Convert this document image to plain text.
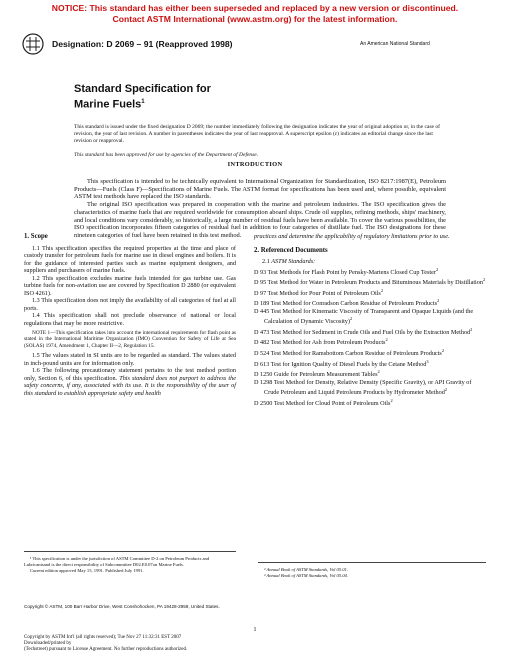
NOTICE: This standard has either been superseded and replaced by a new version or discontinued.
Contact ASTM International (www.astm.org) for the latest information.
Designation: D 2069 – 91 (Reapproved 1998)	An American National Standard
Standard Specification for
Marine Fuels$^1$
This standard is issued under the fixed designation D 2069; the number immediately following the designation indicates the year of original adoption or, in the case of revision, the year of last revision. A number in parentheses indicates the year of last reapproval. A superscript epsilon (ε) indicates an editorial change since the last revision or reapproval.
This standard has been approved for use by agencies of the Department of Defense.
INTRODUCTION

This specification is intended to be technically equivalent to International Organization for Standardization, ISO 8217:1987(E), Petroleum Products—Fuels (Class F)—Specifications of Marine Fuels. The ASTM format for specifications has been used and, where possible, equivalent ASTM test methods have replaced the ISO standards.

The original ISO specification was prepared in cooperation with the marine and petroleum industries. The ISO specification gives the characteristics of marine fuels that are required worldwide for consumption aboard ships. Crude oil supplies, refining methods, ships' machinery, and local conditions vary considerably, so historically, a large number of residual fuels have been available. To cover the various possibilities, the ISO specification incorporates fifteen categories of residual fuel in addition to four categories of distillate fuel. The ISO designations for these nineteen categories of fuel have been retained in this test method.

1. Scope

1.1 This specification specifies the required properties at the time and place of custody transfer for petroleum fuels for marine use in diesel engines and boilers. It is for the guidance of interested parties such as marine equipment designers, and suppliers and purchasers of marine fuels.

1.2 This specification excludes marine fuels intended for gas turbine use. Gas turbine fuels for non-aviation use are covered by Specification D 2880 (or equivalent ISO 4261).

1.3 This specification does not imply the availability of all categories of fuel at all ports.

1.4 This specification shall not preclude observance of national or local regulations that may be more restrictive.

NOTE 1—This specification takes into account the international requirements for flash point as stated in the International Maritime Organization (IMO) Convention for Safety of Life at Sea (SOLAS) 1974, Amendment 1, Chapter II—2, Regulation 15.

1.5 The values stated in SI units are to be regarded as standard. The values stated in inch-pound units are for information only.

1.6 The following precautionary statement pertains to the test method portion only, Section 6, of this specification. This standard does not purport to address the safety concerns, if any, associated with its use. It is the responsibility of the user of this standard to establish appropriate safety and health

practices and determine the applicability of regulatory limitations prior to use.

2. Referenced Documents

2.1 ASTM Standards:

D 93 Test Methods for Flash Point by Pensky-Martens Closed Cup Tester$^2$
D 95 Test Method for Water in Petroleum Products and Bituminous Materials by Distillation$^2$
D 97 Test Method for Pour Point of Petroleum Oils$^2$
D 189 Test Method for Conradson Carbon Residue of Petroleum Products$^2$
D 445 Test Method for Kinematic Viscosity of Transparent and Opaque Liquids (and the Calculation of Dynamic Viscosity)$^2$
D 473 Test Method for Sediment in Crude Oils and Fuel Oils by the Extraction Method$^2$
D 482 Test Method for Ash from Petroleum Products$^2$
D 524 Test Method for Ramsbottom Carbon Residue of Petroleum Products$^2$
D 613 Test for Ignition Quality of Diesel Fuels by the Cetane Method$^3$
D 1250 Guide for Petroleum Measurement Tables$^2$
D 1298 Test Method for Density, Relative Density (Specific Gravity), or API Gravity of Crude Petroleum and Liquid Petroleum Products by Hydrometer Method$^2$
D 2500 Test Method for Cloud Point of Petroleum Oils$^2$

¹ This specification is under the jurisdiction of ASTM Committee D-2 on Petroleum Products and Lubricantsand is the direct responsibility of Subcommittee D02.E0.07on Marine Fuels.

Current edition approved May 15, 1991. Published July 1991.	² Annual Book of ASTM Standards, Vol 05.01.

³ Annual Book of ASTM Standards, Vol 05.04.

Copyright © ASTM, 100 Barr Harbor Drive, West Conshohocken, PA 19428-2959, United States.
1
Copyright by ASTM Int'l (all rights reserved); Tue Nov 27 11:32:31 EST 2007
Downloaded/printed by
(Techstreet) pursuant to License Agreement. No further reproductions authorized.
